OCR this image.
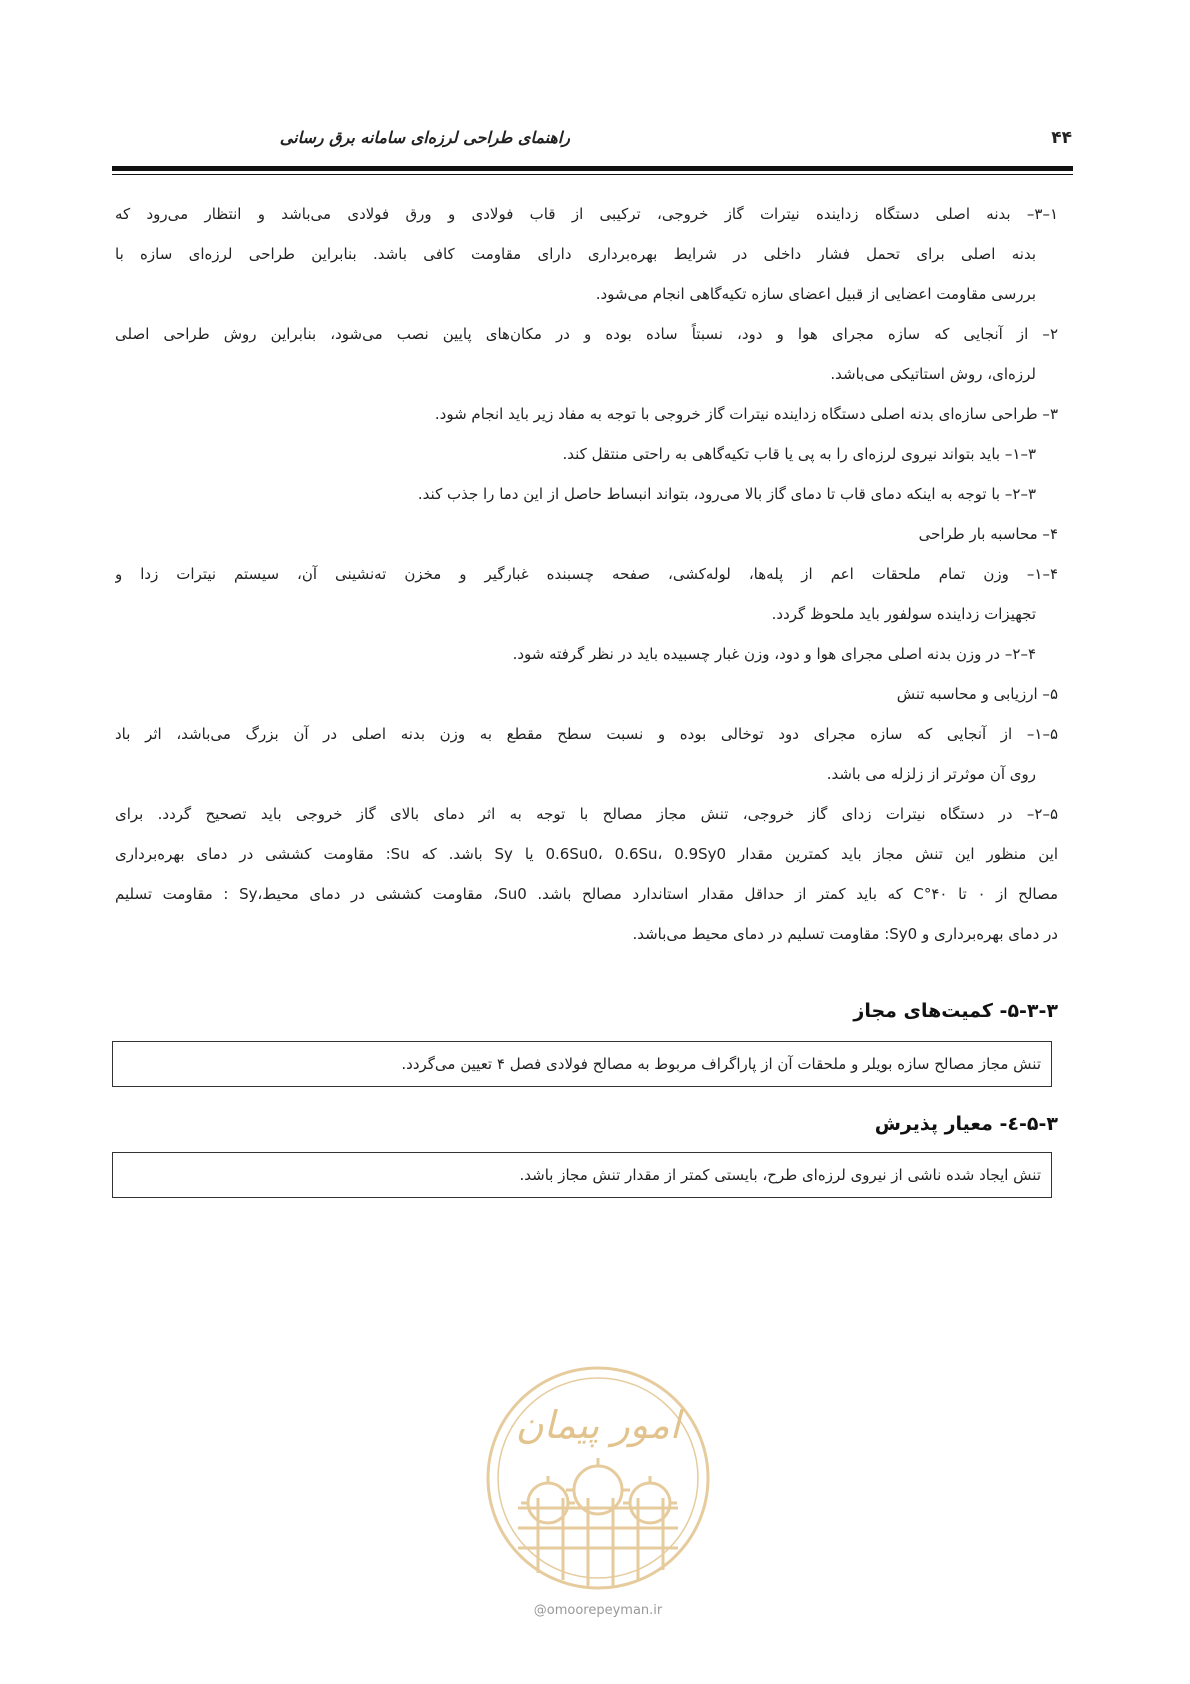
راهنمای طراحی لرزه‌ای سامانه برق رسانی	۴۴
۱–۳– بدنه اصلی دستگاه زداینده نیترات گاز خروجی، ترکیبی از قاب فولادی و ورق فولادی می‌باشد و انتظار می‌رود که
بدنه اصلی برای تحمل فشار داخلی در شرایط بهره‌برداری دارای مقاومت کافی باشد. بنابراین طراحی لرزه‌ای سازه با
بررسی مقاومت اعضایی از قبیل اعضای سازه تکیه‌گاهی انجام می‌شود.
۲– از آنجایی که سازه مجرای هوا و دود، نسبتاً ساده بوده و در مکان‌های پایین نصب می‌شود، بنابراین روش طراحی اصلی
لرزه‌ای، روش استاتیکی می‌باشد.
۳– طراحی سازه‌ای بدنه اصلی دستگاه زداینده نیترات گاز خروجی با توجه به مفاد زیر باید انجام شود.
۳–۱– باید بتواند نیروی لرزه‌ای را به پی یا قاب تکیه‌گاهی به راحتی منتقل کند.
۳–۲– با توجه به اینکه دمای قاب تا دمای گاز بالا می‌رود، بتواند انبساط حاصل از این دما را جذب کند.
۴– محاسبه بار طراحی
۴–۱– وزن تمام ملحقات اعم از پله‌ها، لوله‌کشی، صفحه چسبنده غبارگیر و مخزن ته‌نشینی آن، سیستم نیترات زدا و
تجهیزات زداینده سولفور باید ملحوظ گردد.
۴–۲– در وزن بدنه اصلی مجرای هوا و دود، وزن غبار چسبیده باید در نظر گرفته شود.
۵– ارزیابی و محاسبه تنش
۵–۱– از آنجایی که سازه مجرای دود توخالی بوده و نسبت سطح مقطع به وزن بدنه اصلی در آن بزرگ می‌باشد، اثر باد
روی آن موثرتر از زلزله می باشد.
۵–۲– در دستگاه نیترات زدای گاز خروجی، تنش مجاز مصالح با توجه به اثر دمای بالای گاز خروجی باید تصحیح گردد. برای
این منظور این تنش مجاز باید کمترین مقدار 0.6Su0، 0.6Su، 0.9Sy0 یا Sy باشد. که Su: مقاومت کششی در دمای بهره‌برداری
مصالح از ۰ تا ۴۰°C که باید کمتر از حداقل مقدار استاندارد مصالح باشد. Su0، مقاومت کششی در دمای محیط،Sy : مقاومت تسلیم
در دمای بهره‌برداری و Sy0: مقاومت تسلیم در دمای محیط می‌باشد.
۵-۳-۳- کمیت‌های مجاز
تنش مجاز مصالح سازه بویلر و ملحقات آن از پاراگراف مربوط به مصالح فولادی فصل ۴ تعیین می‌گردد.
۵-۳-٤- معیار پذیرش
تنش ایجاد شده ناشی از نیروی لرزه‌ای طرح، بایستی کمتر از مقدار تنش مجاز باشد.
امور پیمان
@omoorepeyman.ir
